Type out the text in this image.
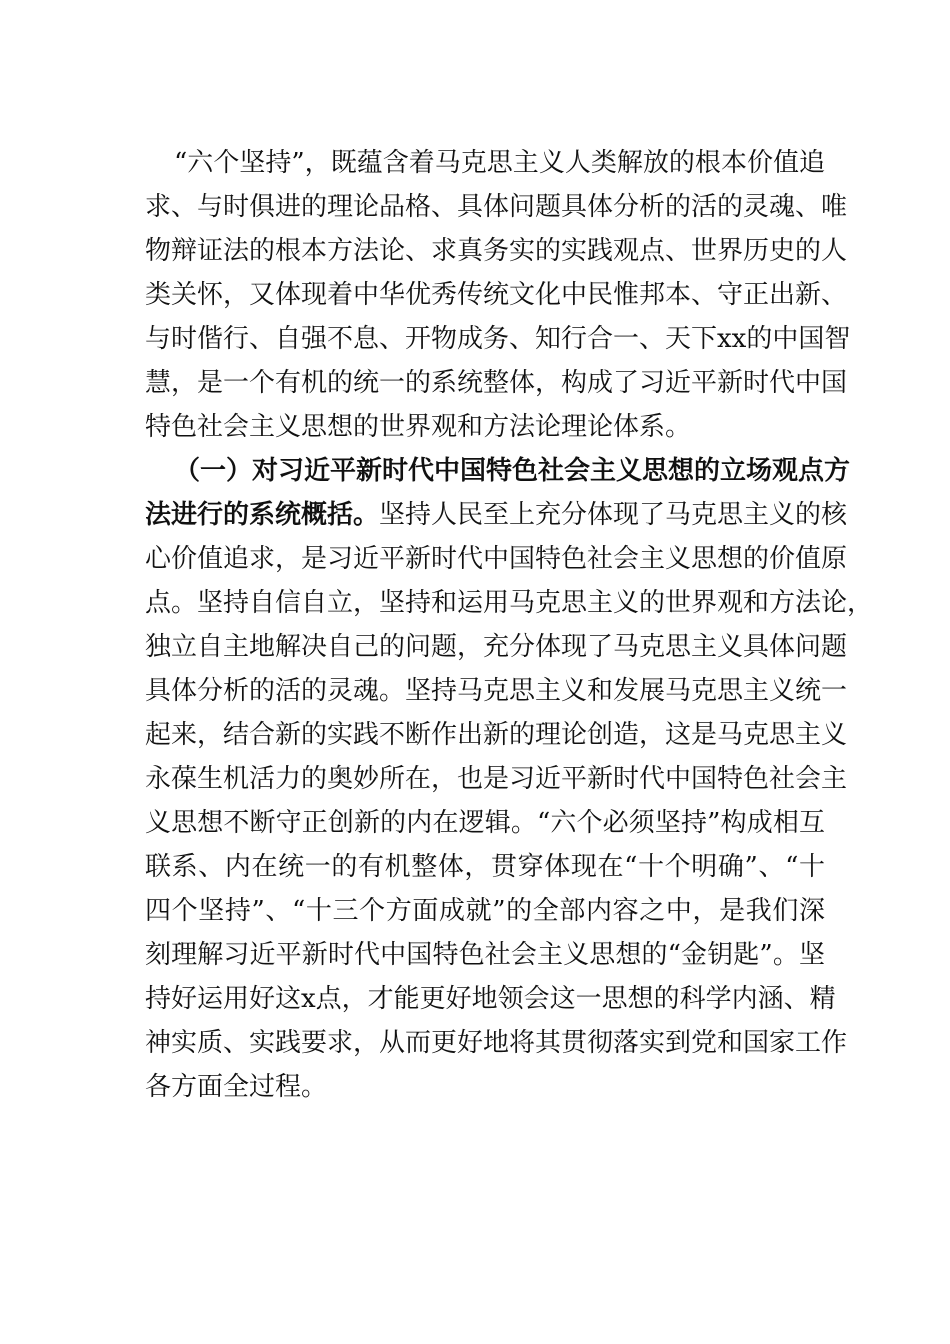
“六个坚持”，既蕴含着马克思主义人类解放的根本价值追
求、与时俱进的理论品格、具体问题具体分析的活的灵魂、唯
物辩证法的根本方法论、求真务实的实践观点、世界历史的人
类关怀，又体现着中华优秀传统文化中民惟邦本、守正出新、
与时偕行、自强不息、开物成务、知行合一、天下xx的中国智
慧，是一个有机的统一的系统整体，构成了习近平新时代中国
特色社会主义思想的世界观和方法论理论体系。
（一）对习近平新时代中国特色社会主义思想的立场观点方
法进行的系统概括。坚持人民至上充分体现了马克思主义的核
心价值追求，是习近平新时代中国特色社会主义思想的价值原
点。坚持自信自立，坚持和运用马克思主义的世界观和方法论，
独立自主地解决自己的问题，充分体现了马克思主义具体问题
具体分析的活的灵魂。坚持马克思主义和发展马克思主义统一
起来，结合新的实践不断作出新的理论创造，这是马克思主义
永葆生机活力的奥妙所在，也是习近平新时代中国特色社会主
义思想不断守正创新的内在逻辑。“六个必须坚持”构成相互
联系、内在统一的有机整体，贯穿体现在“十个明确”、“十
四个坚持”、“十三个方面成就”的全部内容之中，是我们深
刻理解习近平新时代中国特色社会主义思想的“金钥匙”。坚
持好运用好这x点，才能更好地领会这一思想的科学内涵、精
神实质、实践要求，从而更好地将其贯彻落实到党和国家工作
各方面全过程。
